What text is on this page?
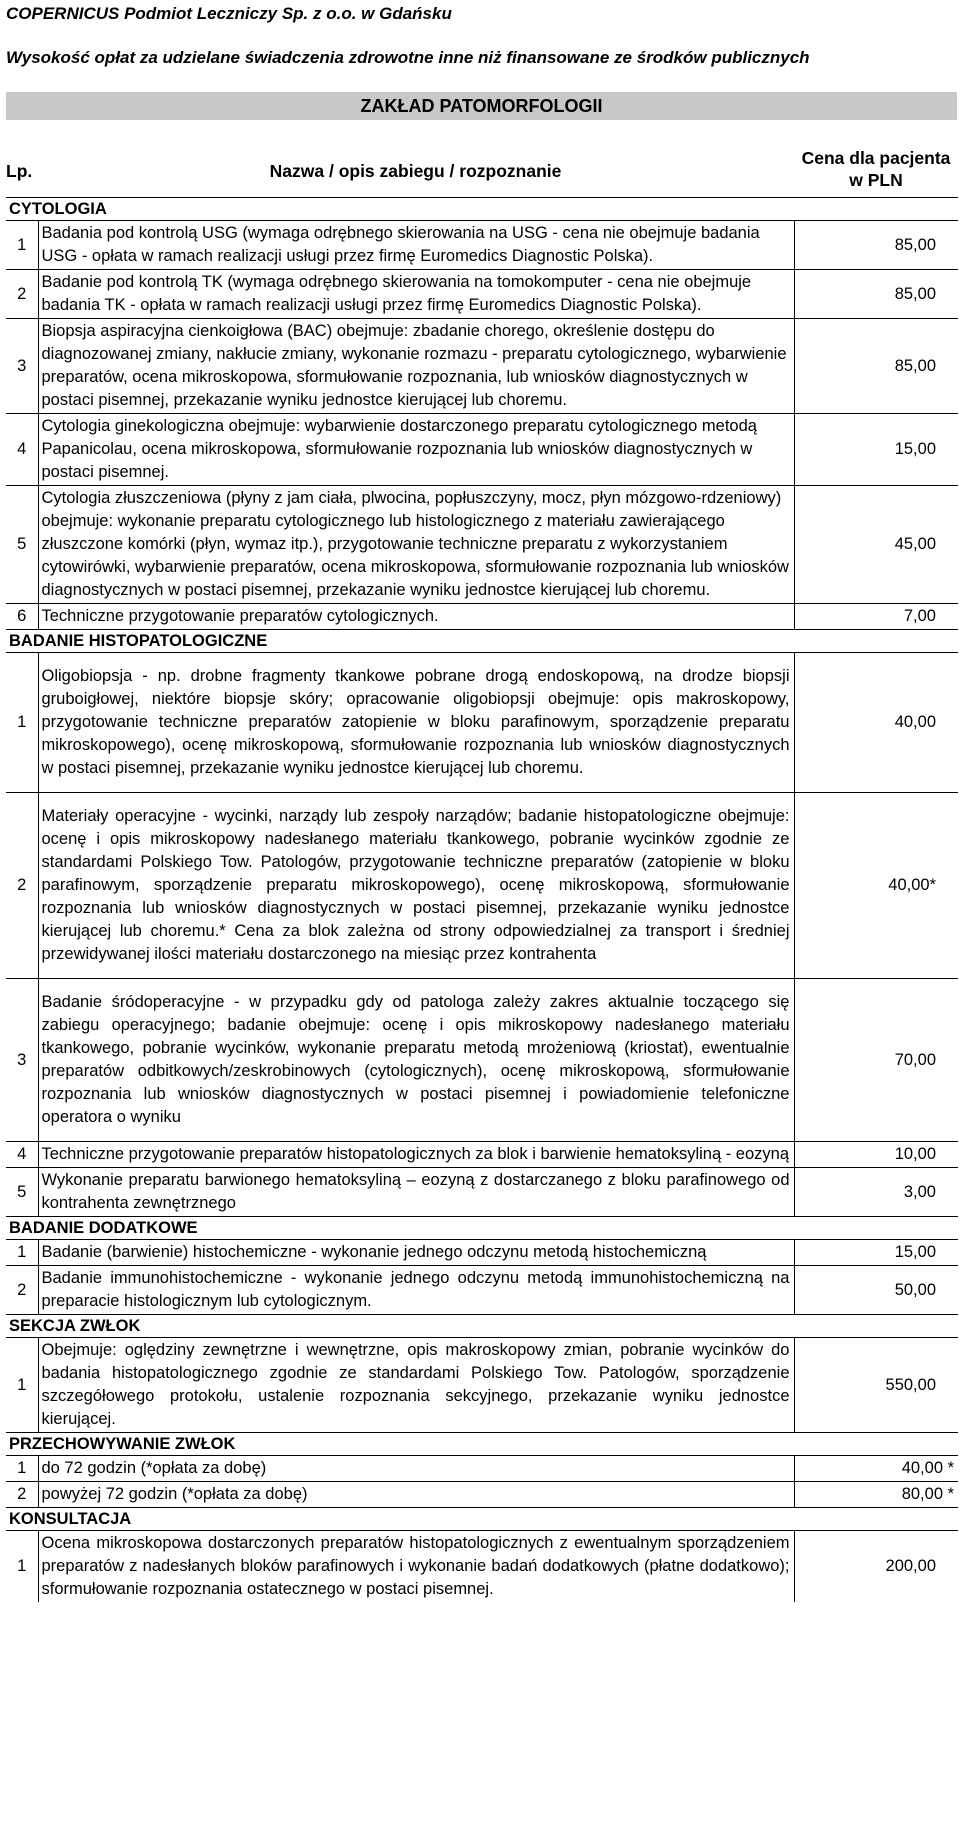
COPERNICUS Podmiot Leczniczy Sp. z o.o. w Gdańsku
Wysokość opłat za udzielane świadczenia zdrowotne inne niż finansowane ze środków publicznych
ZAKŁAD PATOMORFOLOGII
Lp.	Nazwa / opis zabiegu / rozpoznanie	Cena dla pacjenta w PLN
CYTOLOGIA		
1	Badania pod kontrolą USG (wymaga odrębnego skierowania na USG - cena nie obejmuje badania USG - opłata w ramach realizacji usługi przez firmę Euromedics Diagnostic Polska).	85,00
2	Badanie pod kontrolą TK (wymaga odrębnego skierowania na tomokomputer - cena nie obejmuje badania TK - opłata w ramach realizacji usługi przez firmę Euromedics Diagnostic Polska).	85,00
3	Biopsja aspiracyjna cienkoigłowa (BAC) obejmuje: zbadanie chorego, określenie dostępu do diagnozowanej zmiany, nakłucie zmiany, wykonanie rozmazu - preparatu cytologicznego, wybarwienie preparatów, ocena mikroskopowa, sformułowanie rozpoznania, lub wniosków diagnostycznych w postaci pisemnej, przekazanie wyniku jednostce kierującej lub choremu.	85,00
4	Cytologia ginekologiczna obejmuje: wybarwienie dostarczonego preparatu cytologicznego metodą Papanicolau, ocena mikroskopowa, sformułowanie rozpoznania lub wniosków diagnostycznych w postaci pisemnej.	15,00
5	Cytologia złuszczeniowa (płyny z jam ciała, plwocina, popłuszczyny, mocz, płyn mózgowo-rdzeniowy) obejmuje: wykonanie preparatu cytologicznego lub histologicznego z materiału zawierającego złuszczone komórki (płyn, wymaz itp.), przygotowanie techniczne preparatu z wykorzystaniem cytowirówki, wybarwienie preparatów, ocena mikroskopowa, sformułowanie rozpoznania lub wniosków diagnostycznych w postaci pisemnej, przekazanie wyniku jednostce kierującej lub choremu.	45,00
6	Techniczne przygotowanie preparatów cytologicznych.	7,00
BADANIE HISTOPATOLOGICZNE		
1	Oligobiopsja - np. drobne fragmenty tkankowe pobrane drogą endoskopową, na drodze biopsji gruboigłowej, niektóre biopsje skóry; opracowanie oligobiopsji obejmuje: opis makroskopowy, przygotowanie techniczne preparatów zatopienie w bloku parafinowym, sporządzenie preparatu mikroskopowego), ocenę mikroskopową, sformułowanie rozpoznania lub wniosków diagnostycznych w postaci pisemnej, przekazanie wyniku jednostce kierującej lub choremu.	40,00
2	Materiały operacyjne - wycinki, narządy lub zespoły narządów; badanie histopatologiczne obejmuje: ocenę i opis mikroskopowy nadesłanego materiału tkankowego, pobranie wycinków zgodnie ze standardami Polskiego Tow. Patologów, przygotowanie techniczne preparatów (zatopienie w bloku parafinowym, sporządzenie preparatu mikroskopowego), ocenę mikroskopową, sformułowanie rozpoznania lub wniosków diagnostycznych w postaci pisemnej, przekazanie wyniku jednostce kierującej lub choremu.* Cena za blok zależna od strony odpowiedzialnej za transport i średniej przewidywanej ilości materiału dostarczonego na miesiąc przez kontrahenta	40,00*
3	Badanie śródoperacyjne - w przypadku gdy od patologa zależy zakres aktualnie toczącego się zabiegu operacyjnego; badanie obejmuje: ocenę i opis mikroskopowy nadesłanego materiału tkankowego, pobranie wycinków, wykonanie preparatu metodą mrożeniową (kriostat), ewentualnie preparatów odbitkowych/zeskrobinowych (cytologicznych), ocenę mikroskopową, sformułowanie rozpoznania lub wniosków diagnostycznych w postaci pisemnej i powiadomienie telefoniczne operatora o wyniku	70,00
4	Techniczne przygotowanie preparatów histopatologicznych za blok i barwienie hematoksyliną - eozyną	10,00
5	Wykonanie preparatu barwionego hematoksyliną – eozyną z dostarczanego z bloku parafinowego od kontrahenta zewnętrznego	3,00
BADANIE DODATKOWE		
1	Badanie (barwienie) histochemiczne - wykonanie jednego odczynu metodą histochemiczną	15,00
2	Badanie immunohistochemiczne - wykonanie jednego odczynu metodą immunohistochemiczną na preparacie histologicznym lub cytologicznym.	50,00
SEKCJA ZWŁOK		
1	Obejmuje: oględziny zewnętrzne i wewnętrzne, opis makroskopowy zmian, pobranie wycinków do badania histopatologicznego zgodnie ze standardami Polskiego Tow. Patologów, sporządzenie szczegółowego protokołu, ustalenie rozpoznania sekcyjnego, przekazanie wyniku jednostce kierującej.	550,00
PRZECHOWYWANIE ZWŁOK		
1	do 72 godzin (*opłata za dobę)	40,00 *
2	powyżej 72 godzin (*opłata za dobę)	80,00 *
KONSULTACJA		
1	Ocena mikroskopowa dostarczonych preparatów histopatologicznych z ewentualnym sporządzeniem preparatów z nadesłanych bloków parafinowych i wykonanie badań dodatkowych (płatne dodatkowo); sformułowanie rozpoznania ostatecznego w postaci pisemnej.	200,00
